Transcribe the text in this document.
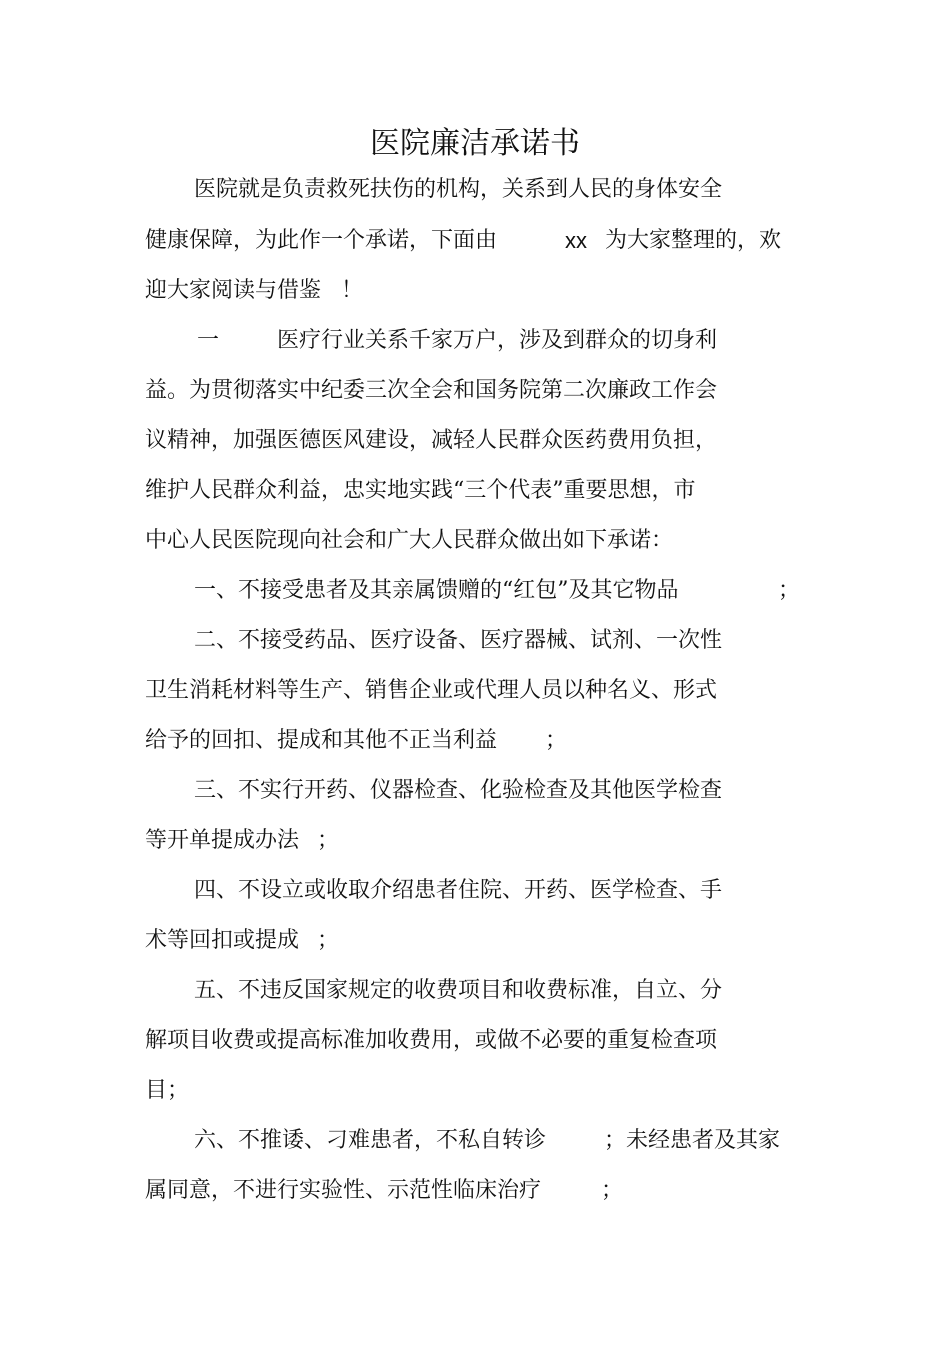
医院廉洁承诺书
医院就是负责救死扶伤的机构，关系到人民的身体安全
健康保障，为此作一个承诺，下面由	xx 为大家整理的，欢
迎大家阅读与借鉴 ！
一	医疗行业关系千家万户，涉及到群众的切身利
益。为贯彻落实中纪委三次全会和国务院第二次廉政工作会
议精神，加强医德医风建设，减轻人民群众医药费用负担，
维护人民群众利益，忠实地实践“三个代表”重要思想，市
中心人民医院现向社会和广大人民群众做出如下承诺：
一、不接受患者及其亲属馈赠的“红包”及其它物品	；
二、不接受药品、医疗设备、医疗器械、试剂、一次性
卫生消耗材料等生产、销售企业或代理人员以种名义、形式
给予的回扣、提成和其他不正当利益 ；
三、不实行开药、仪器检查、化验检查及其他医学检查
等开单提成办法 ；
四、不设立或收取介绍患者住院、开药、医学检查、手
术等回扣或提成 ；
五、不违反国家规定的收费项目和收费标准，自立、分
解项目收费或提高标准加收费用，或做不必要的重复检查项
目；
六、不推诿、刁难患者，不私自转诊	；未经患者及其家
属同意，不进行实验性、示范性临床治疗	；
